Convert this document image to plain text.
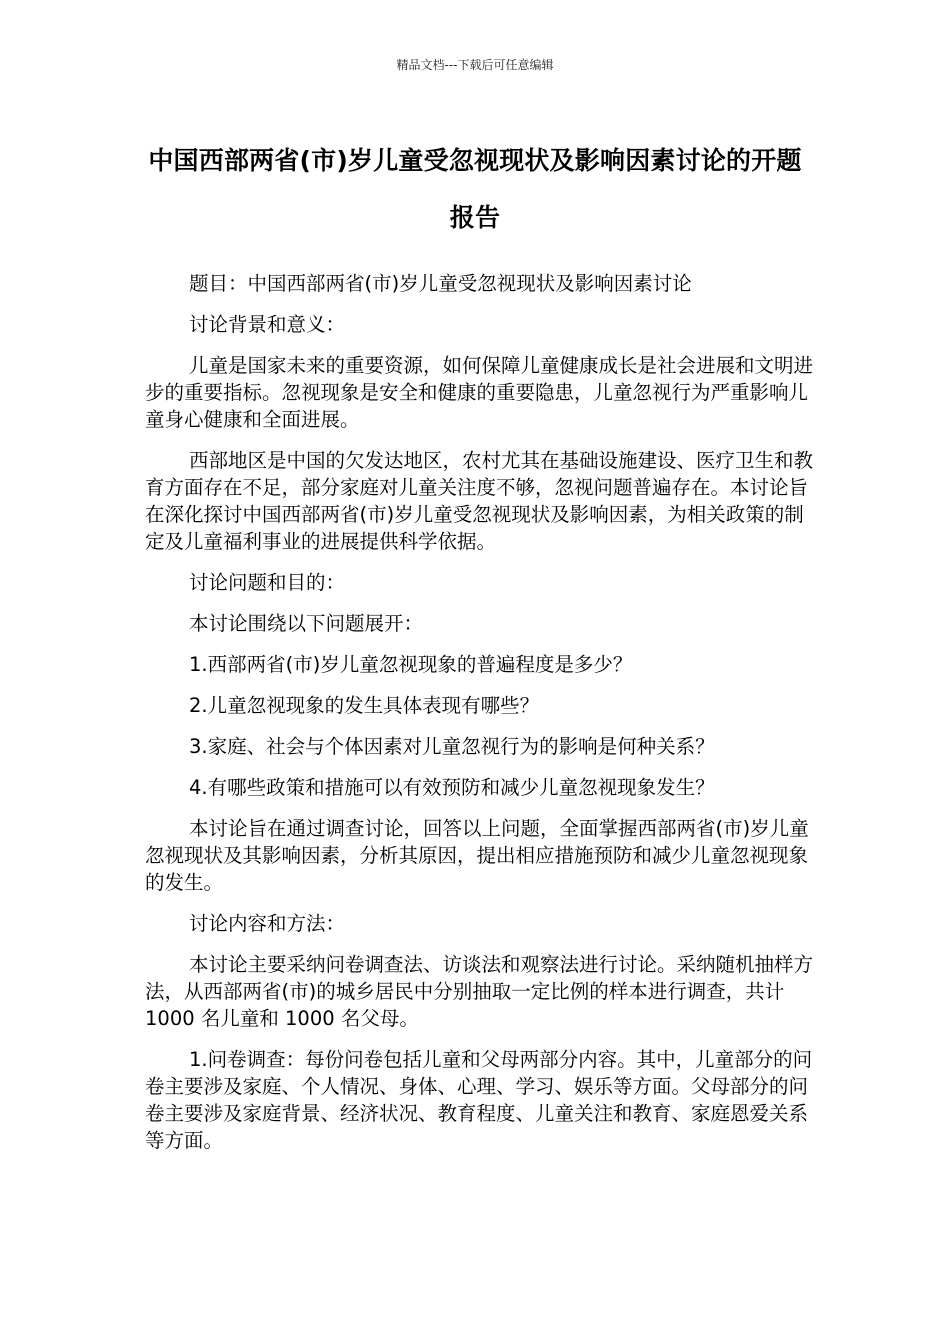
精品文档---下载后可任意编辑
中国西部两省(市)岁儿童受忽视现状及影响因素讨论的开题报告

题目：中国西部两省(市)岁儿童受忽视现状及影响因素讨论

讨论背景和意义：

儿童是国家未来的重要资源，如何保障儿童健康成长是社会进展和文明进步的重要指标。忽视现象是安全和健康的重要隐患，儿童忽视行为严重影响儿童身心健康和全面进展。

西部地区是中国的欠发达地区，农村尤其在基础设施建设、医疗卫生和教育方面存在不足，部分家庭对儿童关注度不够，忽视问题普遍存在。本讨论旨在深化探讨中国西部两省(市)岁儿童受忽视现状及影响因素，为相关政策的制定及儿童福利事业的进展提供科学依据。

讨论问题和目的：

本讨论围绕以下问题展开：

1.西部两省(市)岁儿童忽视现象的普遍程度是多少？

2.儿童忽视现象的发生具体表现有哪些？

3.家庭、社会与个体因素对儿童忽视行为的影响是何种关系？

4.有哪些政策和措施可以有效预防和减少儿童忽视现象发生？

本讨论旨在通过调查讨论，回答以上问题，全面掌握西部两省(市)岁儿童忽视现状及其影响因素，分析其原因，提出相应措施预防和减少儿童忽视现象的发生。

讨论内容和方法：

本讨论主要采纳问卷调查法、访谈法和观察法进行讨论。采纳随机抽样方法，从西部两省(市)的城乡居民中分别抽取一定比例的样本进行调查，共计 1000 名儿童和 1000 名父母。

1.问卷调查：每份问卷包括儿童和父母两部分内容。其中，儿童部分的问卷主要涉及家庭、个人情况、身体、心理、学习、娱乐等方面。父母部分的问卷主要涉及家庭背景、经济状况、教育程度、儿童关注和教育、家庭恩爱关系等方面。
